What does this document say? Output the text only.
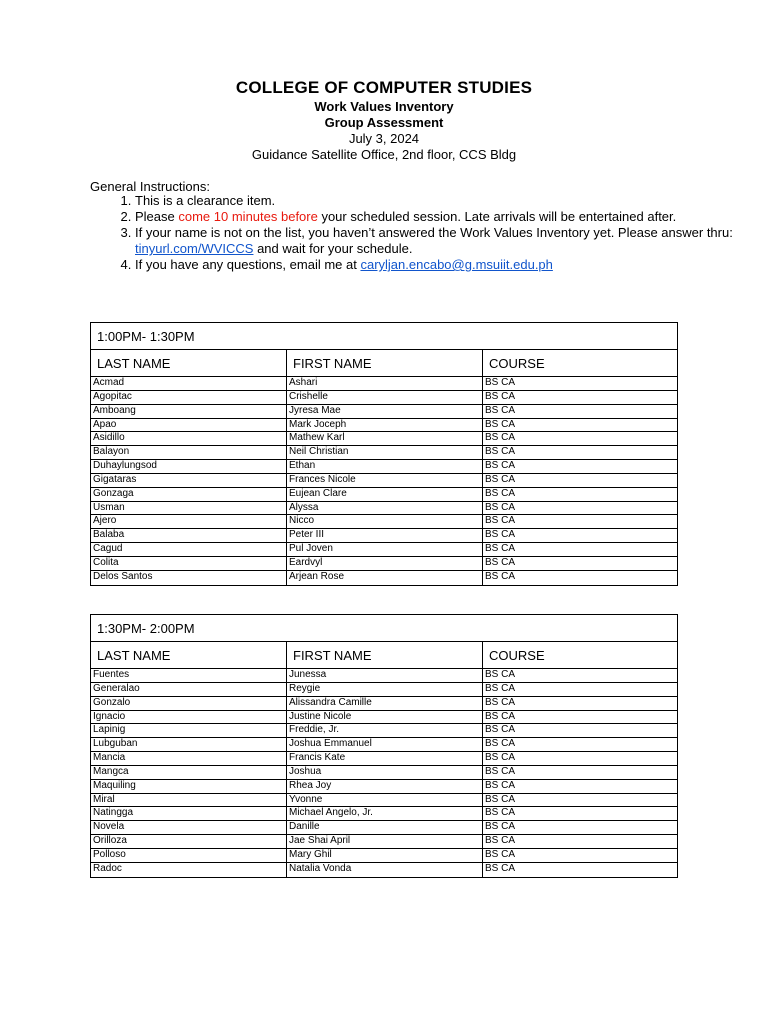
COLLEGE OF COMPUTER STUDIES
Work Values Inventory
Group Assessment
July 3, 2024
Guidance Satellite Office, 2nd floor, CCS Bldg
General Instructions:
1. This is a clearance item.
2. Please come 10 minutes before your scheduled session. Late arrivals will be entertained after.
3. If your name is not on the list, you haven’t answered the Work Values Inventory yet. Please answer thru: tinyurl.com/WVICCS and wait for your schedule.
4. If you have any questions, email me at caryljan.encabo@g.msuiit.edu.ph
1:00PM- 1:30PM
LAST NAME	FIRST NAME	COURSE
Acmad	Ashari	BS CA
Agopitac	Crishelle	BS CA
Amboang	Jyresa Mae	BS CA
Apao	Mark Joceph	BS CA
Asidillo	Mathew Karl	BS CA
Balayon	Neil Christian	BS CA
Duhaylungsod	Ethan	BS CA
Gigataras	Frances Nicole	BS CA
Gonzaga	Eujean Clare	BS CA
Usman	Alyssa	BS CA
Ajero	Nicco	BS CA
Balaba	Peter III	BS CA
Cagud	Pul Joven	BS CA
Colita	Eardvyl	BS CA
Delos Santos	Arjean Rose	BS CA
1:30PM- 2:00PM
LAST NAME	FIRST NAME	COURSE
Fuentes	Junessa	BS CA
Generalao	Reygie	BS CA
Gonzalo	Alissandra Camille	BS CA
Ignacio	Justine Nicole	BS CA
Lapinig	Freddie, Jr.	BS CA
Lubguban	Joshua Emmanuel	BS CA
Mancia	Francis Kate	BS CA
Mangca	Joshua	BS CA
Maquiling	Rhea Joy	BS CA
Miral	Yvonne	BS CA
Natingga	Michael Angelo, Jr.	BS CA
Novela	Danille	BS CA
Orilloza	Jae Shai April	BS CA
Polloso	Mary Ghil	BS CA
Radoc	Natalia Vonda	BS CA
